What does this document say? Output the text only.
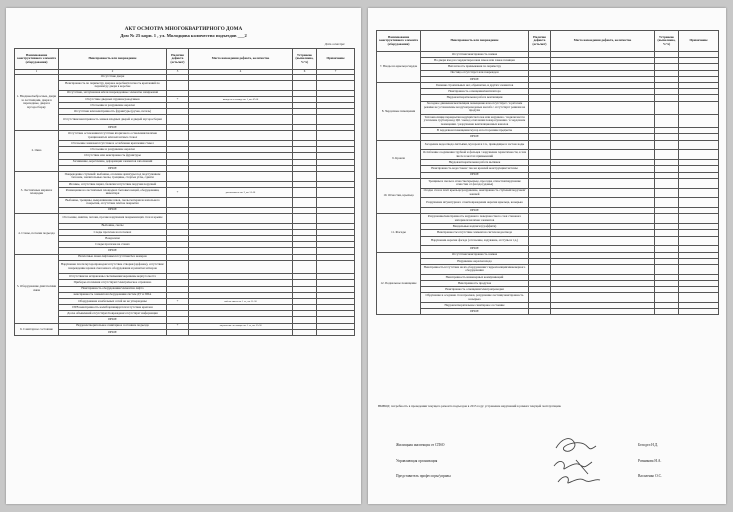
АКТ ОСМОТРА МНОГОКВАРТИРНОГО ДОМА
Дом № 25 корп. 1 , ул. Молодцова количество подъездов ___2
Дата осмотра:
Наименование конструктивного элемента (оборудования)	Неисправность или повреждение	Наличие дефекта (есть/нет)	Место нахождения дефекта, количество	Устранено (выполнено, %%)	Примечание
1	2	3	4	6	7
1. Входные/выбросные, двери за лестницами, двери в переходные, двери в мусоросборку	Отсутствие двери				
	Неисправность по периметру дверное коробки/плотность креплений по периметру двери в коробке				
	Отсутствие, заглушенная и/или поврежденные элементы запираемой				
	Отсутствие дверных прушин/доводчиков	+	выход на лестницу: кв. 1, кв. 47-58		
	Отслоение и разрушение окраски				
	Отсутствие или неисправность фурнитуры (ручек, петель)				
	Отсутствие/неисправность замков входных дверей и дверей мусоросборки				
	ИНОЕ				
2. Окна	Отсутствие остекления/отсутствие вторичного остекления/наличие трещиноватых или неплотных стекол				
	Отслоение замазки/отсутствие и ослабление крепления стекол				
	Отслоение и разрушение окраски				
	Отсутствие или неисправность фурнитуры				
	Загнивание, коробление, деформация элементов заполнений				
	ИНОЕ				
3. Лестничные марши и площадки	Повреждение ступеней: выбоины, оголение арматуры под подступенком бетоном, значительные сколы, трещины, стертые углы, сдвиги				
	Изломы, отсутствие перил, балясин/отсутствие поручня поручней				
	Размещение на лестничных площадках бытовых вещей, оборудования, инвентаря	+	расположено: кв. 2, кв. 55-58		
	Выбоины, трещины, выкрашивание швов, сколы материала напольного покрытия, отсутствие плиток покрытия				
	ИНОЕ				
4. Стены, потолки подъезда	Отслоение, вмятия, потеки, прочие нарушения покрывающих стен и крыше				
	Выбоины, сколы				
	Следы протечек на потолках				
	Вандализм				
	Следы протечек на стенах				
	ИНОЕ				
5. Оборудование двигателями связи	Неплотные люки лифтовых/отсутствие/без номеров				
	Нарушение плотн мусоропроводов/отсутствие створки (арфомее), отсутствие/повреждение кранов смесаемого оборудования и решетки затворов				
	Отсутствие/не исправлены светильники/окрашены корпуса места				
	Приборы отопления отсутствуют/электрическое отравлено				
	Неисправность оборудования/элементов лифта				
	неисправность элементов/оборудования систем ДУ и ППА				
	Оборудование и кабельных сетей не не утверждены	+	кабели связи: кв. 1 эт., кв. 51-58		
	ИТВ неисправность калиб/архивируется/отсутствие креплен				
	Доска объявлений отсутствует/повреждена/отсутствует информация				
	ИНОЕ				
6. Санитарное состояние	Неудовлетворительное санитарное состояние подъезда	+	загрязнение лестницы: кв. 1 эт., кв. 55-58		
	ИНОЕ				
Наименование конструктивного элемента (оборудования)	Неисправность или повреждение	Наличие дефекта (есть/нет)	Место нахождения дефекта, количество	Устранено (выполнено, %%)	Примечание
7. Входы на крыльцо/чердак	Отсутствие/неисправность замков				
	На двери вход на чердак/пересекая замок или замок похищен				
	Неплотность примыкания по периметру				
	Пестица отсутствует или поврежден				
	ИНОЕ				
8. Чердачные помещения	Гниение стропильных ног, обрешетки, и других элементов				
	Неисправность освещения/вентилятора				
	Неудовлетворительная работа вентиляции				
	Холодное движение/вентиляция помещение или отсутствует / в рабочем режиме не установлены воздухопроводовые желоба / отсутствует ревизия на продухи				
	Теплоизоляция перекрытия ведущих/потолок или нарушена / подключается утепление трубопровод ЦО / выход отопления пожаротушения / в чердачном помещении / разрушение вентиляционных каналов				
	В чердачном помещении мусор и посторонние предметы				
	ИНОЕ				
9. Кровля	Засорение водоотвода листьями, мусором и т.п., приводящее в застою воды				
	Ослабление соединения трубной и фальцев / нарушение герметичности, в том числе в местах примыканий				
	Неудовлетворительная работа вытяжек				
	Неисправность водостоков/ так же кровлей конструкция/системы				
	ИНОЕ				
10. Отмостки, крыльца	Трещины и сколы в отмостке/крыльце, просадка отмостки/нарушение отмостки от фасада (зданья)				
	Осадка стен и плит крыльца/разрушение, неисправность ступеней/поручней/ковшей				
	Разрушение штукатурного слоя/повреждения окраски крыльца, козырька				
	ИНОЕ				
11. Фасады	Разрушение/неисправность наружного поверхностного слоя стенового материала/наличие элементов				
	Вандальные надписи (граффити)				
	Неисправность/отсутствие элементов систем водоотвода				
	Нарушения окраски фасада (отслоение, вздувание, отступы и т.д.)				
	ИНОЕ				
12. Подвальное помещение	Отсутствие/неисправность замков				
	Нарушение окраски входа				
	Неисправность/отсутствие на их оборудования/ гидроизоляция/инженерного оборудования				
	Неисправность инженерных коммуникаций				
	Неисправность продухов				
	Неисправность освещения/электропроводки				
	Обрушение и оседание стен проемов, разрушение лестниц/неисправность козырька				
	Неудовлетворительное санитарное состояние				
	ИНОЕ				
ВЫВОД: потребность в проведении текущего ремонта подъездов в 2015 году: устранение нарушений в рамках текущей эксплуатации.
Жилищная инспекция от СПбО	Белодел Н.Д.
Управляющая организация	Ратникова Н.А.
Представитель профессоры/управы	Василенко О.С.
